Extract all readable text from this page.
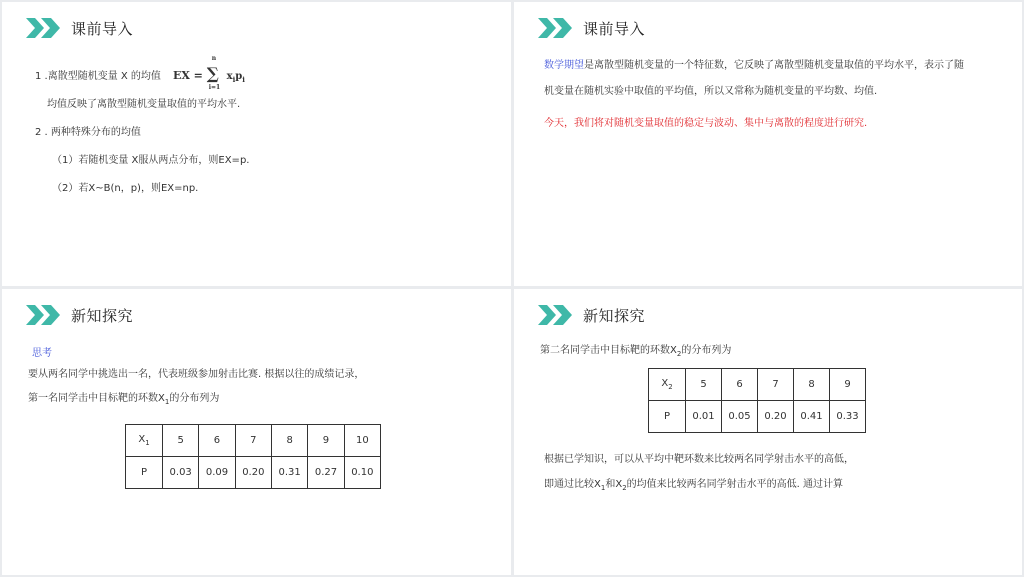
课前导入
1 .离散型随机变量 X 的均值 EX = ∑
n
i=1
$x_ip_i$
均值反映了离散型随机变量取值的平均水平.
2 . 两种特殊分布的均值
（1）若随机变量 X服从两点分布，则EX=p.
（2）若X~B(n，p)，则EX=np.
课前导入
数学期望是离散型随机变量的一个特征数，它反映了离散型随机变量取值的平均水平，表示了随
机变量在随机实验中取值的平均值，所以又常称为随机变量的平均数、均值.
今天，我们将对随机变量取值的稳定与波动、集中与离散的程度进行研究.
新知探究
思考
要从两名同学中挑选出一名，代表班级参加射击比赛. 根据以往的成绩记录，
第一名同学击中目标靶的环数$X_1$的分布列为
$X_1$	5	6	7	8	9	10
P	0.03	0.09	0.20	0.31	0.27	0.10
新知探究
第二名同学击中目标靶的环数$X_2$的分布列为
$X_2$	5	6	7	8	9
P	0.01	0.05	0.20	0.41	0.33
根据已学知识，可以从平均中靶环数来比较两名同学射击水平的高低，
即通过比较$X_1$和$X_2$的均值来比较两名同学射击水平的高低. 通过计算
